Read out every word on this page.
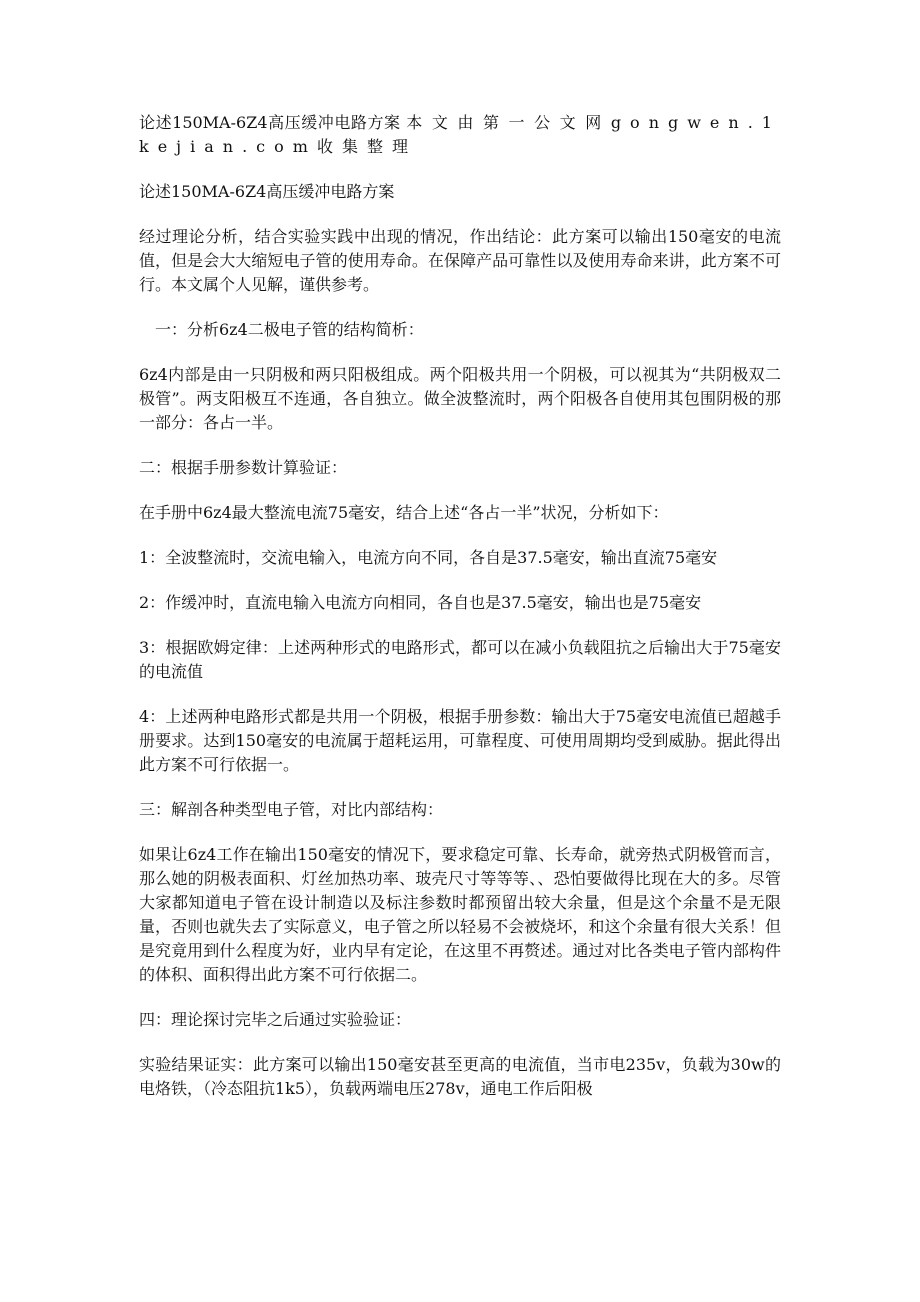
论述150MA-6Z4高压缓冲电路方案 本文由第一公文网gongwen.1kejian.com收集整理

论述150MA-6Z4高压缓冲电路方案

经过理论分析，结合实验实践中出现的情况，作出结论：此方案可以输出150毫安的电流值，但是会大大缩短电子管的使用寿命。在保障产品可靠性以及使用寿命来讲，此方案不可行。本文属个人见解，谨供参考。

一：分析6z4二极电子管的结构简析：

6z4内部是由一只阴极和两只阳极组成。两个阳极共用一个阴极，可以视其为“共阴极双二极管”。两支阳极互不连通，各自独立。做全波整流时，两个阳极各自使用其包围阴极的那一部分：各占一半。

二：根据手册参数计算验证：

在手册中6z4最大整流电流75毫安，结合上述“各占一半”状况，分析如下：

1：全波整流时，交流电输入，电流方向不同，各自是37.5毫安，输出直流75毫安

2：作缓冲时，直流电输入电流方向相同，各自也是37.5毫安，输出也是75毫安

3：根据欧姆定律：上述两种形式的电路形式，都可以在减小负载阻抗之后输出大于75毫安的电流值

4：上述两种电路形式都是共用一个阴极，根据手册参数：输出大于75毫安电流值已超越手册要求。达到150毫安的电流属于超耗运用，可靠程度、可使用周期均受到威胁。据此得出此方案不可行依据一。

三：解剖各种类型电子管，对比内部结构：

如果让6z4工作在输出150毫安的情况下，要求稳定可靠、长寿命，就旁热式阴极管而言，那么她的阴极表面积、灯丝加热功率、玻壳尺寸等等等、、恐怕要做得比现在大的多。尽管大家都知道电子管在设计制造以及标注参数时都预留出较大余量，但是这个余量不是无限量，否则也就失去了实际意义，电子管之所以轻易不会被烧坏，和这个余量有很大关系！但是究竟用到什么程度为好，业内早有定论，在这里不再赘述。通过对比各类电子管内部构件的体积、面积得出此方案不可行依据二。

四：理论探讨完毕之后通过实验验证：

实验结果证实：此方案可以输出150毫安甚至更高的电流值，当市电235v，负载为30w的电烙铁，（冷态阻抗1k5），负载两端电压278v，通电工作后阳极
